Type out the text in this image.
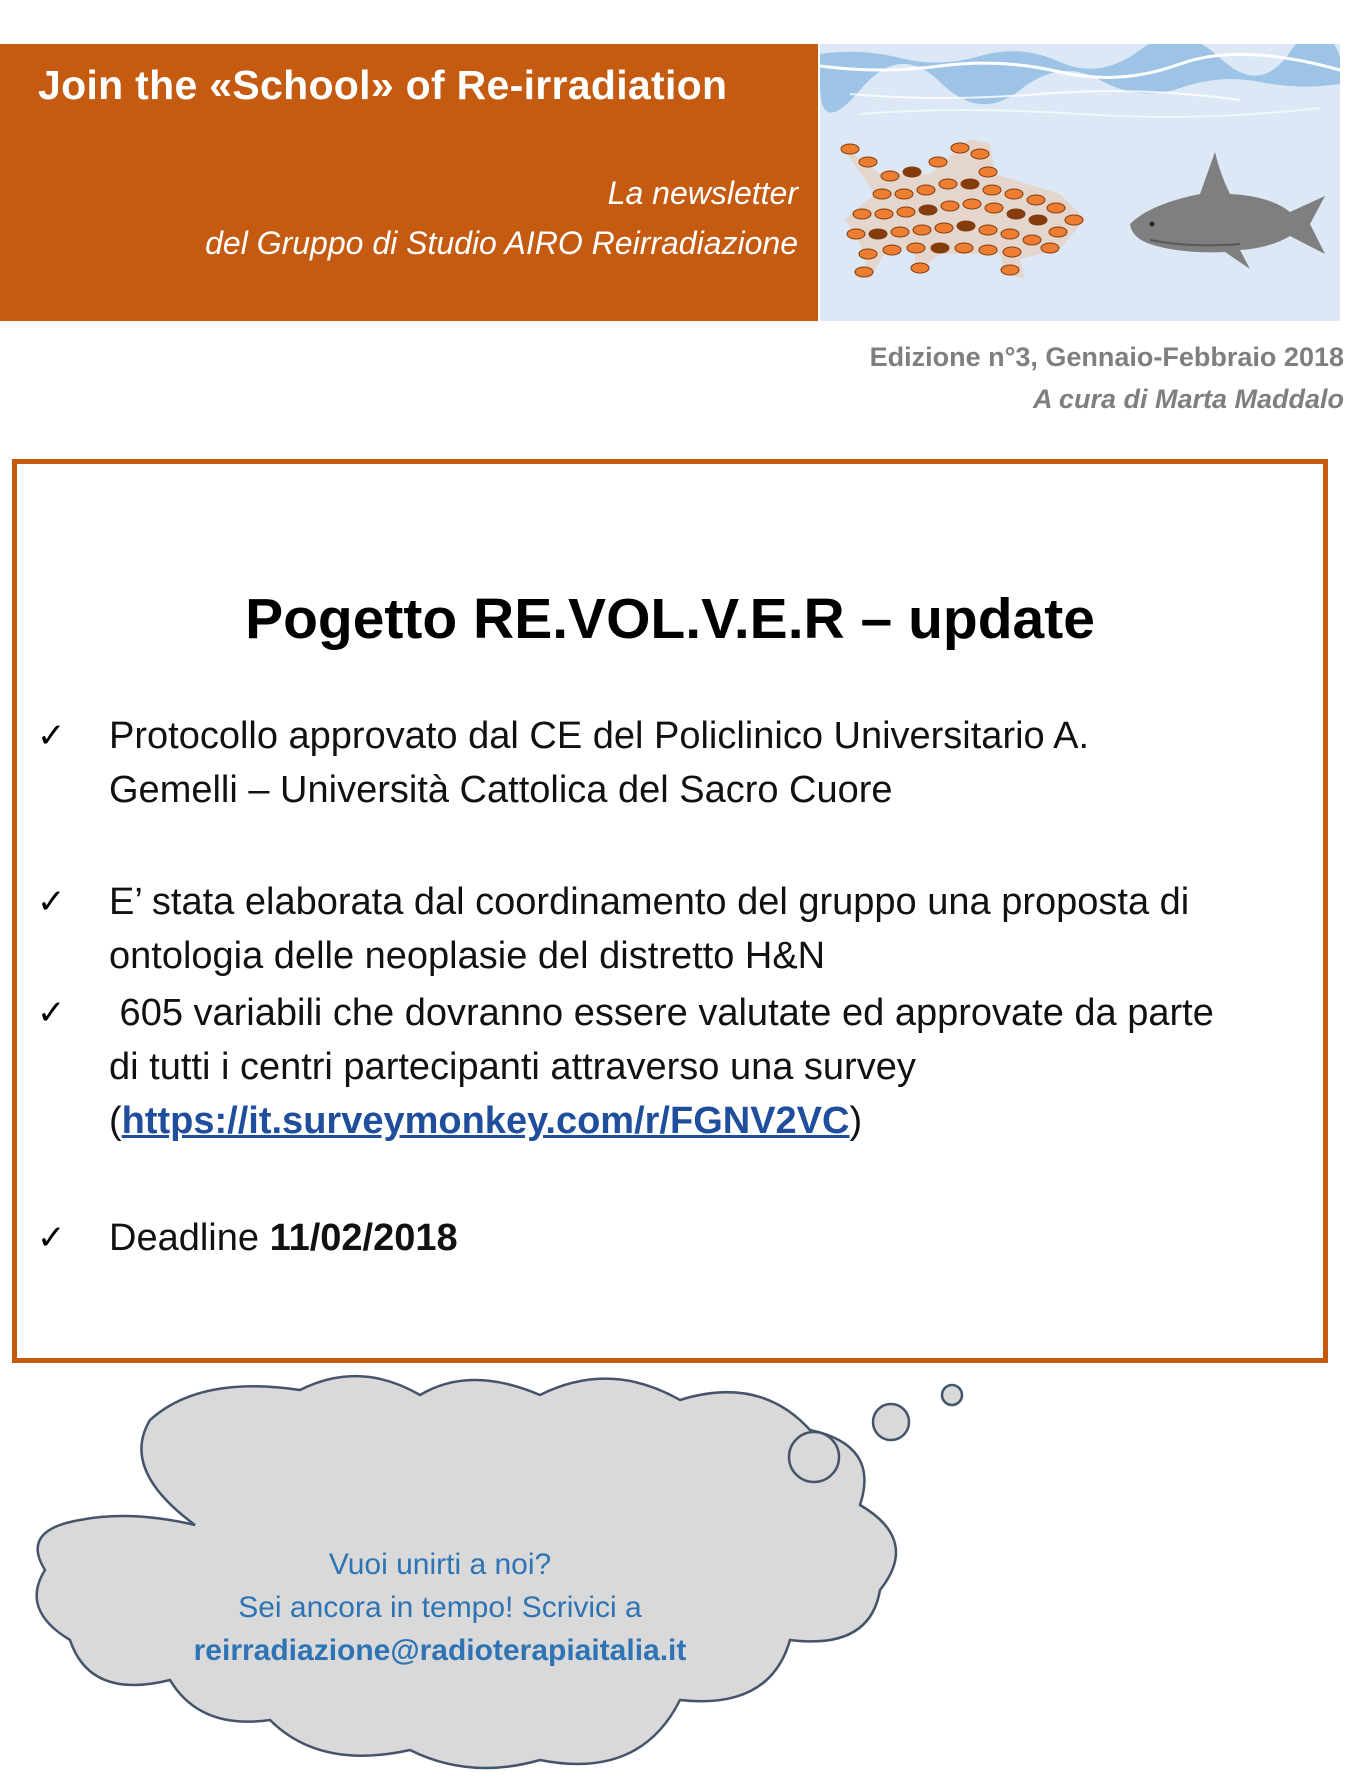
Join the «School» of Re-irradiation
La newsletter
del Gruppo di Studio AIRO Reirradiazione
Edizione n°3, Gennaio-Febbraio 2018
A cura di Marta Maddalo
Pogetto RE.VOL.V.E.R – update
✓	Protocollo approvato dal CE del Policlinico Universitario A.
Gemelli – Università Cattolica del Sacro Cuore
✓	E’ stata elaborata dal coordinamento del gruppo una proposta di
ontologia delle neoplasie del distretto H&N
✓	605 variabili che dovranno essere valutate ed approvate da parte
di tutti i centri partecipanti attraverso una survey
(https://it.surveymonkey.com/r/FGNV2VC)
✓	Deadline 11/02/2018
Vuoi unirti a noi?
Sei ancora in tempo! Scrivici a
reirradiazione@radioterapiaitalia.it
